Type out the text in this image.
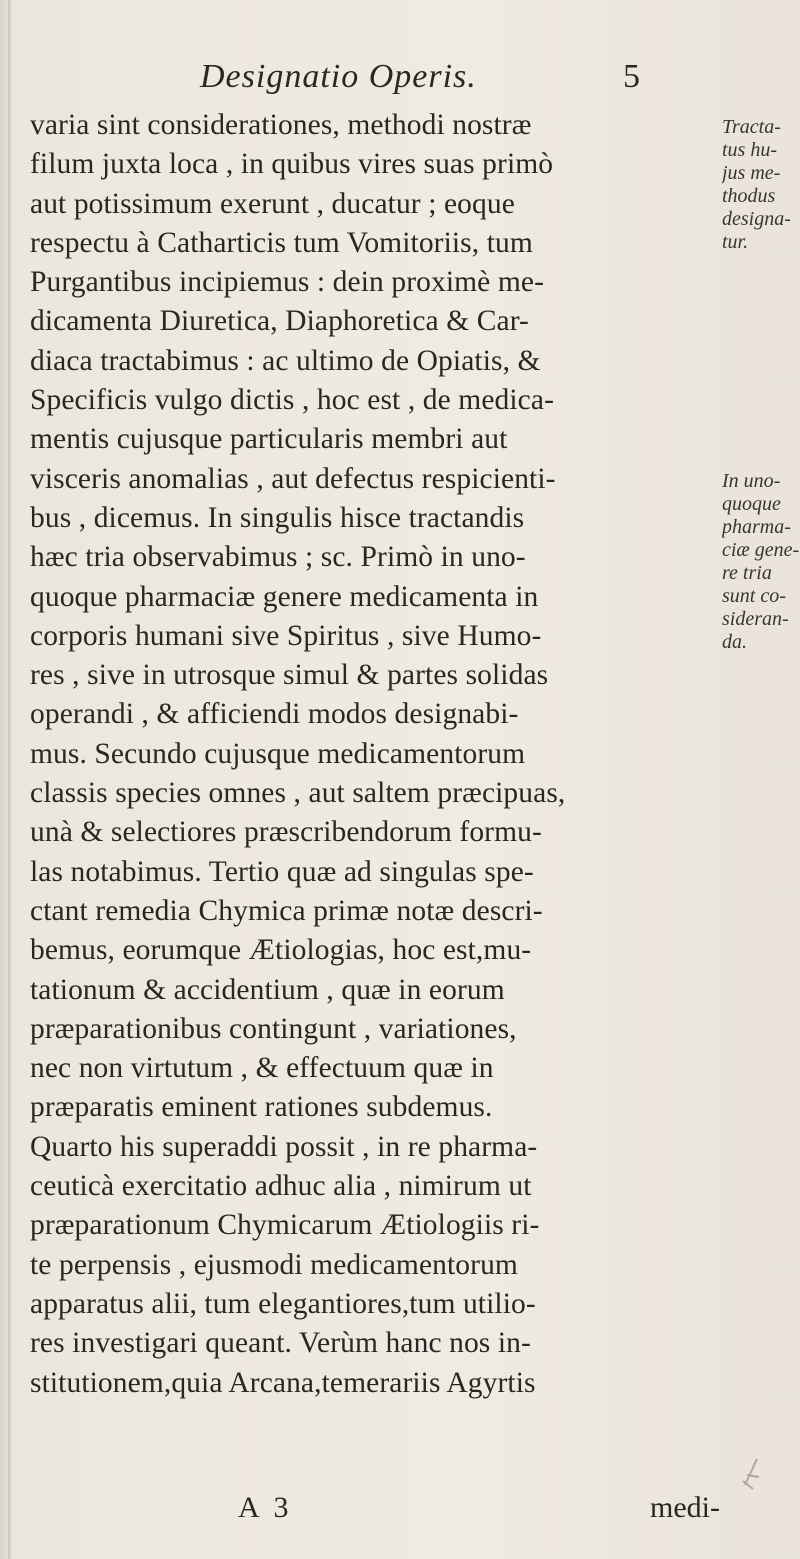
Designatio Operis.	5
varia sint considerationes, methodi nostræ
filum juxta loca , in quibus vires suas primò
aut potissimum exerunt , ducatur ; eoque
respectu à Catharticis tum Vomitoriis, tum
Purgantibus incipiemus : dein proximè me-
dicamenta Diuretica, Diaphoretica & Car-
diaca tractabimus : ac ultimo de Opiatis, &
Specificis vulgo dictis , hoc est , de medica-
mentis cujusque particularis membri aut
visceris anomalias , aut defectus respicienti-
bus , dicemus. In singulis hisce tractandis
hæc tria observabimus ; sc. Primò in uno-
quoque pharmaciæ genere medicamenta in
corporis humani sive Spiritus , sive Humo-
res , sive in utrosque simul & partes solidas
operandi , & afficiendi modos designabi-
mus. Secundo cujusque medicamentorum
classis species omnes , aut saltem præcipuas,
unà & selectiores præscribendorum formu-
las notabimus. Tertio quæ ad singulas spe-
ctant remedia Chymica primæ notæ descri-
bemus, eorumque Ætiologias, hoc est,mu-
tationum & accidentium , quæ in eorum
præparationibus contingunt , variationes,
nec non virtutum , & effectuum quæ in
præparatis eminent rationes subdemus.
Quarto his superaddi possit , in re pharma-
ceuticà exercitatio adhuc alia , nimirum ut
præparationum Chymicarum Ætiologiis ri-
te perpensis , ejusmodi medicamentorum
apparatus alii, tum elegantiores,tum utilio-
res investigari queant. Verùm hanc nos in-
stitutionem,quia Arcana,temerariis Agyrtis
Tracta-
tus hu-
jus me-
thodus
designa-
tur.
In uno-
quoque
pharma-
ciæ gene-
re tria
sunt co-
sideran-
da.
A 3	medi-
